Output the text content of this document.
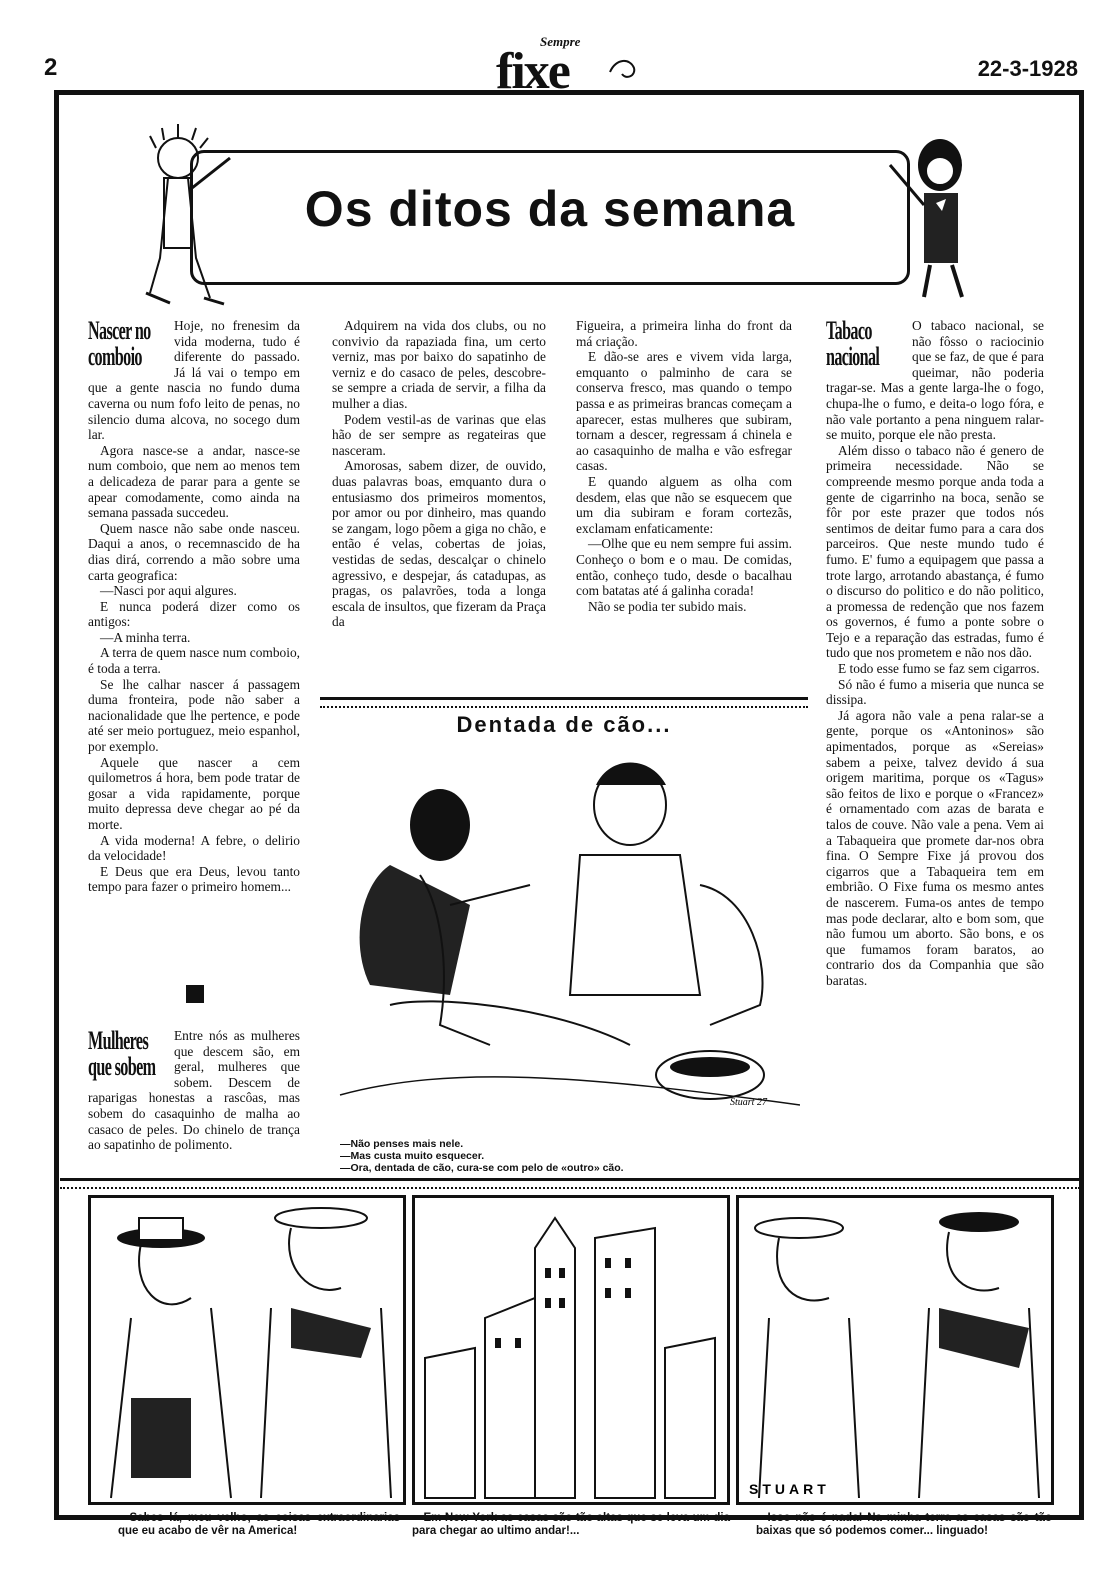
2
Sempre
fixe	22-3-1928
Os ditos da semana
Nascer no
comboio

Hoje, no frenesim da vida moderna, tudo é diferente do passado. Já lá vai o tempo em que a gente nascia no fundo duma caverna ou num fofo leito de penas, no silencio duma alcova, no socego dum lar.

Agora nasce-se a andar, nasce-se num comboio, que nem ao menos tem a delicadeza de parar para a gente se apear comodamente, como ainda na semana passada succedeu.

Quem nasce não sabe onde nasceu. Daqui a anos, o recemnascido de ha dias dirá, correndo a mão sobre uma carta geografica:

—Nasci por aqui algures.

E nunca poderá dizer como os antigos:

—A minha terra.

A terra de quem nasce num comboio, é toda a terra.

Se lhe calhar nascer á passagem duma fronteira, pode não saber a nacionalidade que lhe pertence, e pode até ser meio portuguez, meio espanhol, por exemplo.

Aquele que nascer a cem quilometros á hora, bem pode tratar de gosar a vida rapidamente, porque muito depressa deve chegar ao pé da morte.

A vida moderna! A febre, o delirio da velocidade!

E Deus que era Deus, levou tanto tempo para fazer o primeiro homem...

Mulheres
que sobem

Entre nós as mulheres que descem são, em geral, mulheres que sobem. Descem de raparigas honestas a rascôas, mas sobem do casaquinho de malha ao casaco de peles. Do chinelo de trança ao sapatinho de polimento.

Adquirem na vida dos clubs, ou no convivio da rapaziada fina, um certo verniz, mas por baixo do sapatinho de verniz e do casaco de peles, descobre-se sempre a criada de servir, a filha da mulher a dias.

Podem vestil-as de varinas que elas hão de ser sempre as regateiras que nasceram.

Amorosas, sabem dizer, de ouvido, duas palavras boas, emquanto dura o entusiasmo dos primeiros momentos, por amor ou por dinheiro, mas quando se zangam, logo põem a giga no chão, e então é velas, cobertas de joias, vestidas de sedas, descalçar o chinelo agressivo, e despejar, ás catadupas, as pragas, os palavrões, toda a longa escala de insultos, que fizeram da Praça da

Figueira, a primeira linha do front da má criação.

E dão-se ares e vivem vida larga, emquanto o palminho de cara se conserva fresco, mas quando o tempo passa e as primeiras brancas começam a aparecer, estas mulheres que subiram, tornam a descer, regressam á chinela e ao casaquinho de malha e vão esfregar casas.

E quando alguem as olha com desdem, elas que não se esquecem que um dia subiram e foram cortezãs, exclamam enfaticamente:

—Olhe que eu nem sempre fui assim. Conheço o bom e o mau. De comidas, então, conheço tudo, desde o bacalhau com batatas até á galinha corada!

Não se podia ter subido mais.

Tabaco
nacional

O tabaco nacional, se não fôsso o raciocinio que se faz, de que é para queimar, não poderia tragar-se. Mas a gente larga-lhe o fogo, chupa-lhe o fumo, e deita-o logo fóra, e não vale portanto a pena ninguem ralar-se muito, porque ele não presta.

Além disso o tabaco não é genero de primeira necessidade. Não se compreende mesmo porque anda toda a gente de cigarrinho na boca, senão se fôr por este prazer que todos nós sentimos de deitar fumo para a cara dos parceiros. Que neste mundo tudo é fumo. E' fumo a equipagem que passa a trote largo, arrotando abastança, é fumo o discurso do politico e do não politico, a promessa de redenção que nos fazem os governos, é fumo a ponte sobre o Tejo e a reparação das estradas, fumo é tudo que nos prometem e não nos dão.

E todo esse fumo se faz sem cigarros.

Só não é fumo a miseria que nunca se dissipa.

Já agora não vale a pena ralar-se a gente, porque os «Antoninos» são apimentados, porque as «Sereias» sabem a peixe, talvez devido á sua origem maritima, porque os «Tagus» são feitos de lixo e porque o «Francez» é ornamentado com azas de barata e talos de couve. Não vale a pena. Vem ai a Tabaqueira que promete dar-nos obra fina. O Sempre Fixe já provou dos cigarros que a Tabaqueira tem em embrião. O Fixe fuma os mesmo antes de nascerem. Fuma-os antes de tempo mas pode declarar, alto e bom som, que não fumou um aborto. São bons, e os que fumamos foram baratos, ao contrario dos da Companhia que são baratas.

Dentada de cão...
Stuart 27
—Não penses mais nele.
—Mas custa muito esquecer.
—Ora, dentada de cão, cura-se com pelo de «outro» cão.
STUART
—Sabes lá, meu velho, as coisas extraordinarias que eu acabo de vêr na America!
—Em New-York as casas são tão altas que se leva um dia para chegar ao ultimo andar!...
—Isso não é nada! Na minha terra as casas são tão baixas que só podemos comer... linguado!
